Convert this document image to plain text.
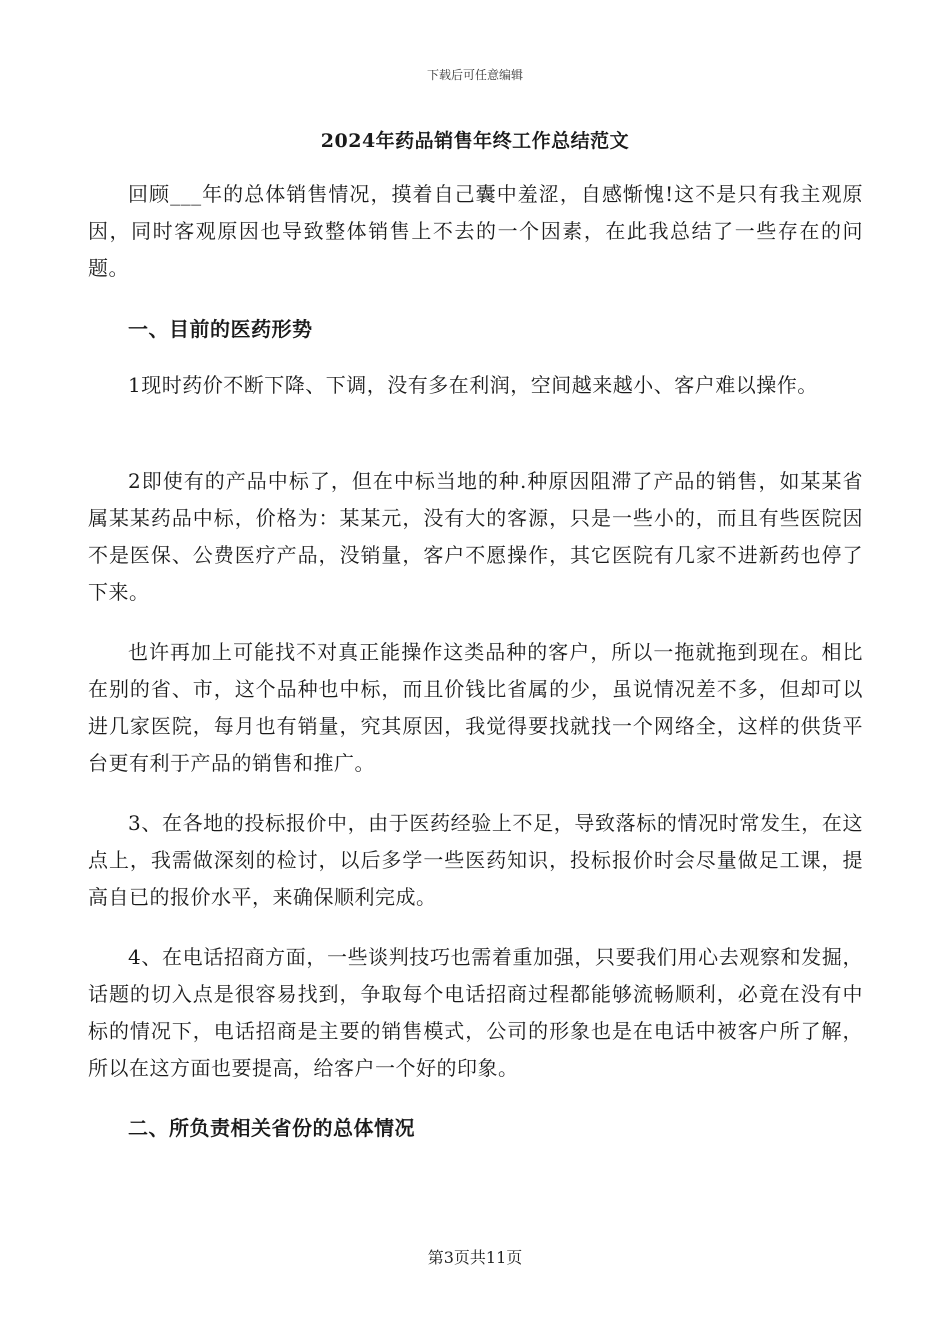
下载后可任意编辑
2024年药品销售年终工作总结范文

回顾___年的总体销售情况，摸着自己囊中羞涩，自感惭愧!这不是只有我主观原因，同时客观原因也导致整体销售上不去的一个因素，在此我总结了一些存在的问题。

一、目前的医药形势

1现时药价不断下降、下调，没有多在利润，空间越来越小、客户难以操作。

2即使有的产品中标了，但在中标当地的种.种原因阻滞了产品的销售，如某某省属某某药品中标，价格为：某某元，没有大的客源，只是一些小的，而且有些医院因不是医保、公费医疗产品，没销量，客户不愿操作，其它医院有几家不进新药也停了下来。

也许再加上可能找不对真正能操作这类品种的客户，所以一拖就拖到现在。相比在别的省、市，这个品种也中标，而且价钱比省属的少，虽说情况差不多，但却可以进几家医院，每月也有销量，究其原因，我觉得要找就找一个网络全，这样的供货平台更有利于产品的销售和推广。

3、在各地的投标报价中，由于医药经验上不足，导致落标的情况时常发生，在这点上，我需做深刻的检讨，以后多学一些医药知识，投标报价时会尽量做足工课，提高自已的报价水平，来确保顺利完成。

4、在电话招商方面，一些谈判技巧也需着重加强，只要我们用心去观察和发掘，话题的切入点是很容易找到，争取每个电话招商过程都能够流畅顺利，必竟在没有中标的情况下，电话招商是主要的销售模式，公司的形象也是在电话中被客户所了解，所以在这方面也要提高，给客户一个好的印象。

二、所负责相关省份的总体情况
第3页共11页
